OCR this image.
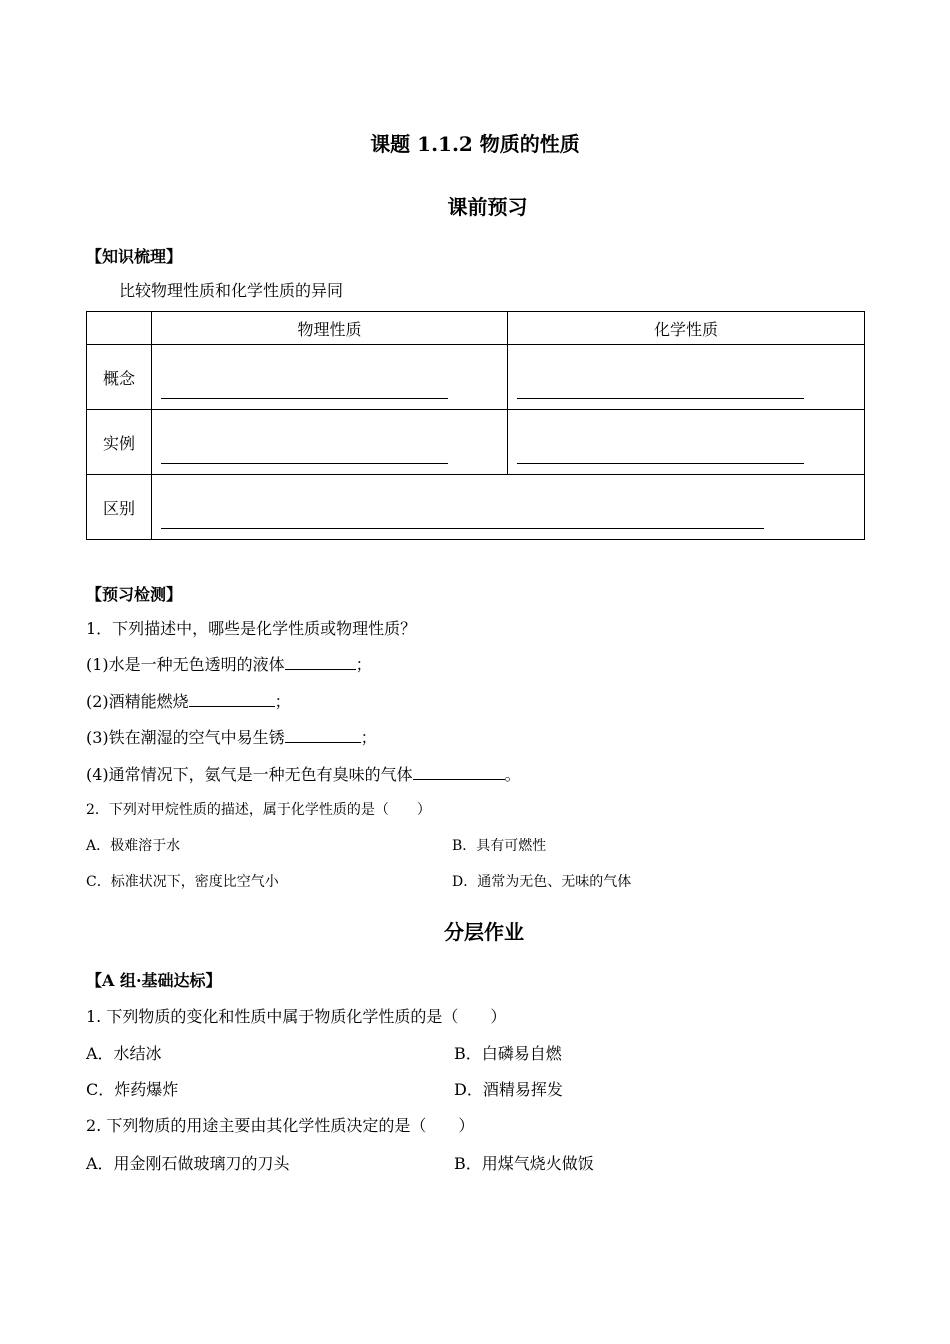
课题 1.1.2 物质的性质
课前预习
【知识梳理】
比较物理性质和化学性质的异同
	物理性质	化学性质
概念	

实例	

区别		
【预习检测】
1．下列描述中，哪些是化学性质或物理性质？
(1)水是一种无色透明的液体	；
(2)酒精能燃烧	；
(3)铁在潮湿的空气中易生锈	；
(4)通常情况下，氨气是一种无色有臭味的气体	。
2．下列对甲烷性质的描述，属于化学性质的是（　　）
A．极难溶于水	B．具有可燃性
C．标准状况下，密度比空气小	D．通常为无色、无味的气体
分层作业
【A 组·基础达标】
1. 下列物质的变化和性质中属于物质化学性质的是（　　）
A．水结冰	B．白磷易自燃
C．炸药爆炸	D．酒精易挥发
2. 下列物质的用途主要由其化学性质决定的是（　　）
A．用金刚石做玻璃刀的刀头	B．用煤气烧火做饭
